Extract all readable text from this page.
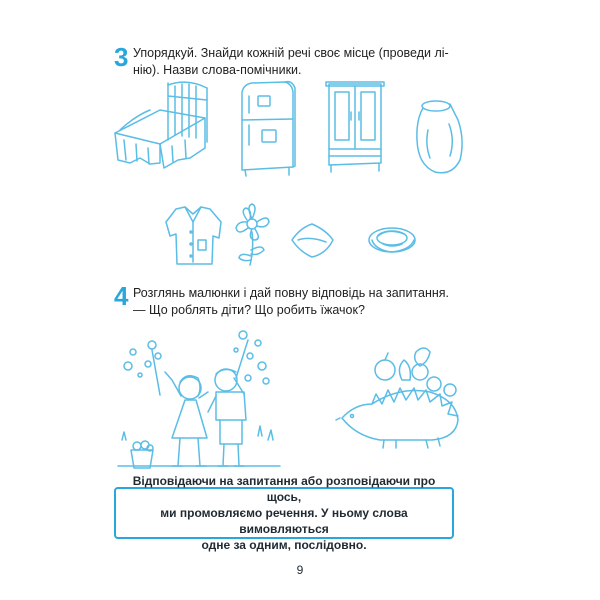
3 Упорядкуй. Знайди кожній речі своє місце (проведи лі-
нію). Назви слова-помічники.
4 Розглянь малюнки і дай повну відповідь на запитання.
— Що роблять діти? Що робить їжачок?
Відповідаючи на запитання або розповідаючи про щось,
ми промовляємо речення. У ньому слова вимовляються
одне за одним, послідовно.
9
